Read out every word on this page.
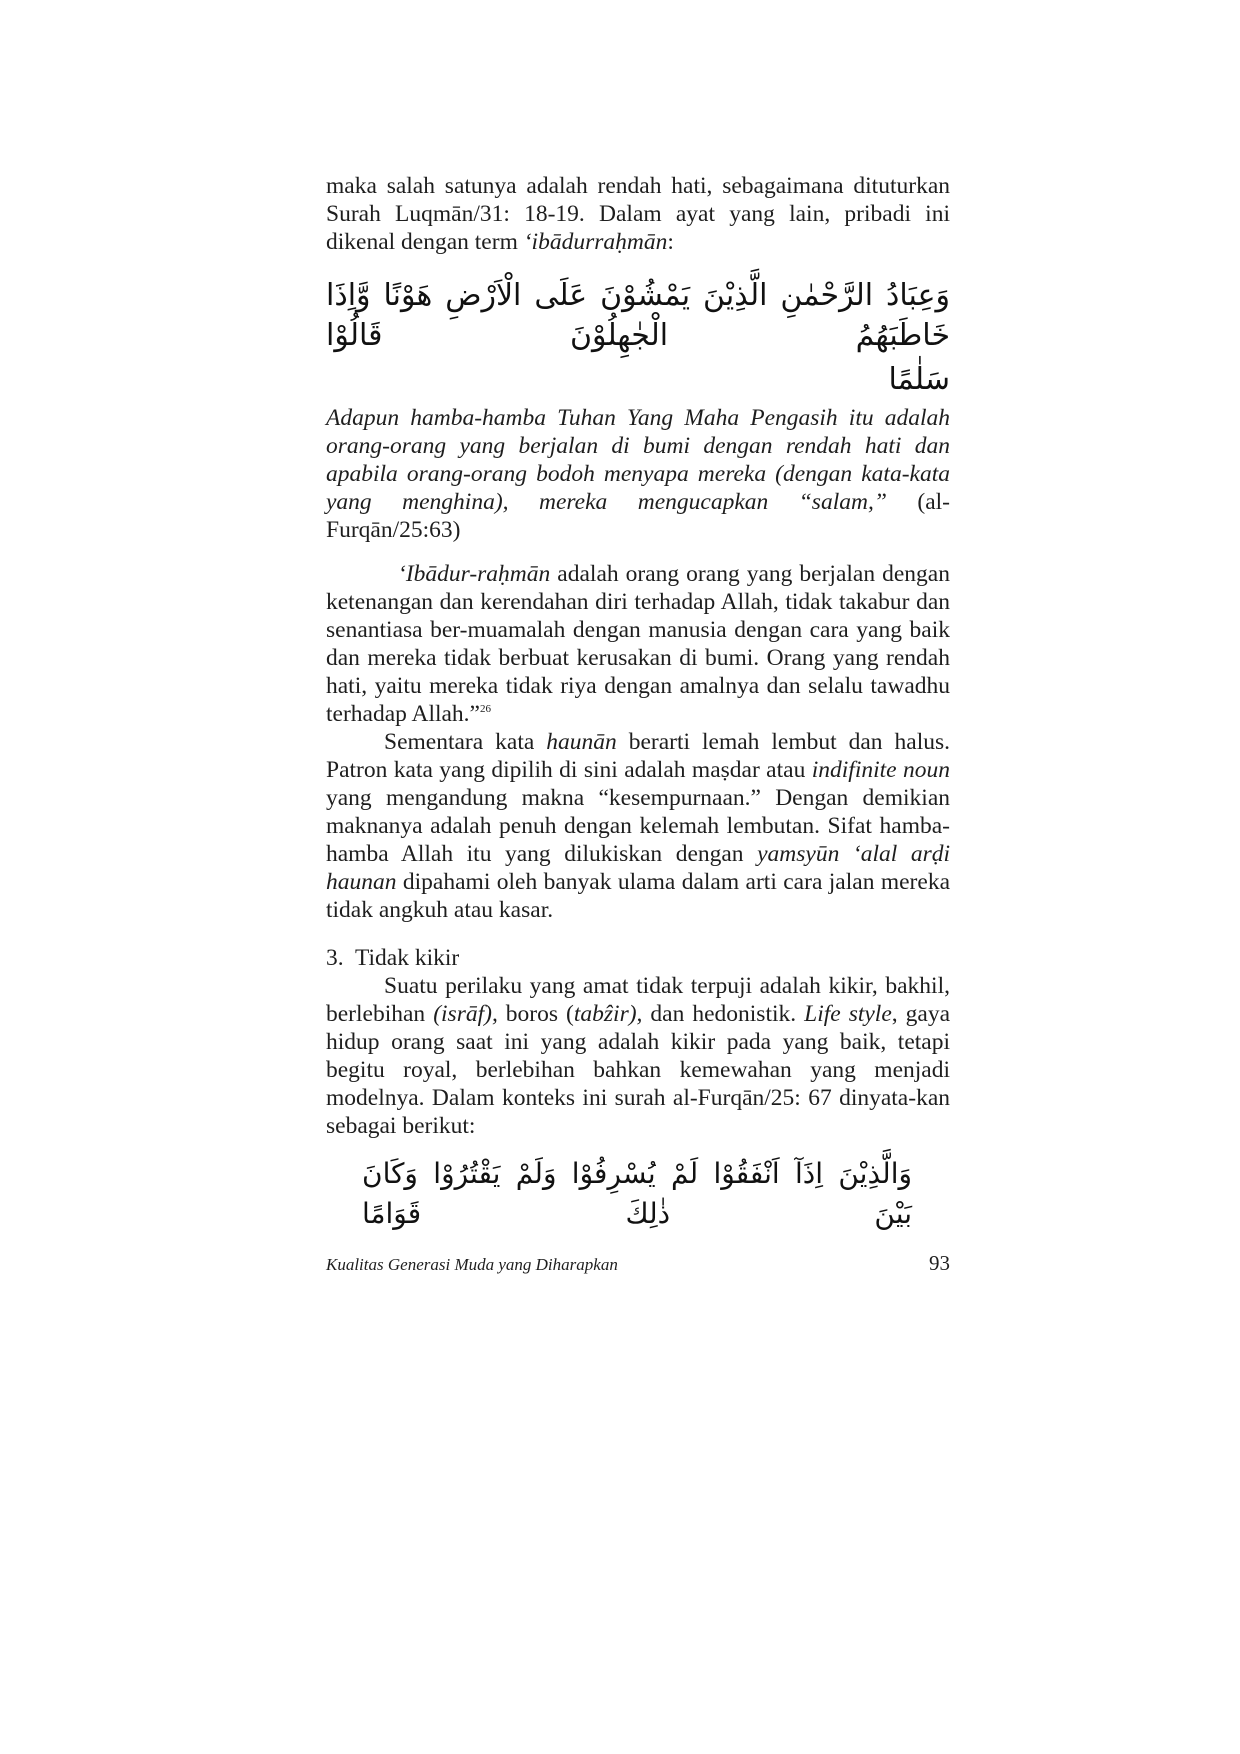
maka salah satunya adalah rendah hati, sebagaimana dituturkan Surah Luqmān/31: 18-19. Dalam ayat yang lain, pribadi ini dikenal dengan term ‘ibādurraḥmān:

وَعِبَادُ الرَّحْمٰنِ الَّذِيْنَ يَمْشُوْنَ عَلَى الْاَرْضِ هَوْنًا وَّاِذَا خَاطَبَهُمُ الْجٰهِلُوْنَ قَالُوْا

سَلٰمًا

Adapun hamba-hamba Tuhan Yang Maha Pengasih itu adalah orang-orang yang berjalan di bumi dengan rendah hati dan apabila orang-orang bodoh menyapa mereka (dengan kata-kata yang menghina), mereka mengucapkan “salam,” (al-Furqān/25:63)

‘Ibādur-raḥmān adalah orang orang yang berjalan dengan ketenangan dan kerendahan diri terhadap Allah, tidak takabur dan senantiasa ber-muamalah dengan manusia dengan cara yang baik dan mereka tidak berbuat kerusakan di bumi. Orang yang rendah hati, yaitu mereka tidak riya dengan amalnya dan selalu tawadhu terhadap Allah.”$^{26}$

Sementara kata haunān berarti lemah lembut dan halus. Patron kata yang dipilih di sini adalah maṣdar atau indifinite noun yang mengandung makna “kesempurnaan.” Dengan demikian maknanya adalah penuh dengan kelemah lembutan. Sifat hamba-hamba Allah itu yang dilukiskan dengan yamsyūn ‘alal arḍi haunan dipahami oleh banyak ulama dalam arti cara jalan mereka tidak angkuh atau kasar.

3. Tidak kikir

Suatu perilaku yang amat tidak terpuji adalah kikir, bakhil, berlebihan (isrāf), boros (tabẑir), dan hedonistik. Life style, gaya hidup orang saat ini yang adalah kikir pada yang baik, tetapi begitu royal, berlebihan bahkan kemewahan yang menjadi modelnya. Dalam konteks ini surah al-Furqān/25: 67 dinyata-kan sebagai berikut:

وَالَّذِيْنَ اِذَآ اَنْفَقُوْا لَمْ يُسْرِفُوْا وَلَمْ يَقْتُرُوْا وَكَانَ بَيْنَ ذٰلِكَ قَوَامًا

Kualitas Generasi Muda yang Diharapkan	93
